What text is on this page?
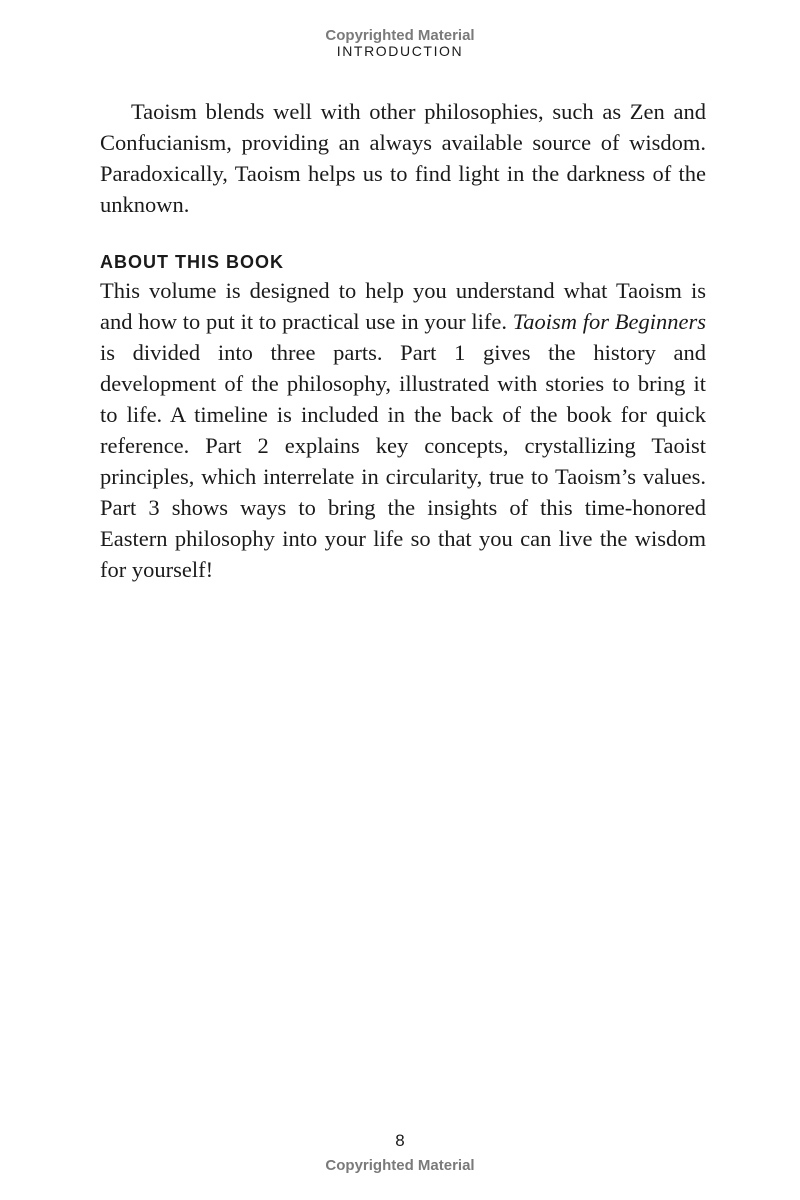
Copyrighted Material
INTRODUCTION

Taoism blends well with other philosophies, such as Zen and Confucianism, providing an always available source of wisdom. Paradoxically, Taoism helps us to find light in the darkness of the unknown.

ABOUT THIS BOOK

This volume is designed to help you understand what Taoism is and how to put it to practical use in your life. Taoism for Beginners is divided into three parts. Part 1 gives the history and development of the philosophy, illustrated with stories to bring it to life. A timeline is included in the back of the book for quick reference. Part 2 explains key concepts, crystallizing Taoist principles, which interrelate in circularity, true to Taoism’s values. Part 3 shows ways to bring the insights of this time-honored Eastern philosophy into your life so that you can live the wisdom for yourself!

8
Copyrighted Material
